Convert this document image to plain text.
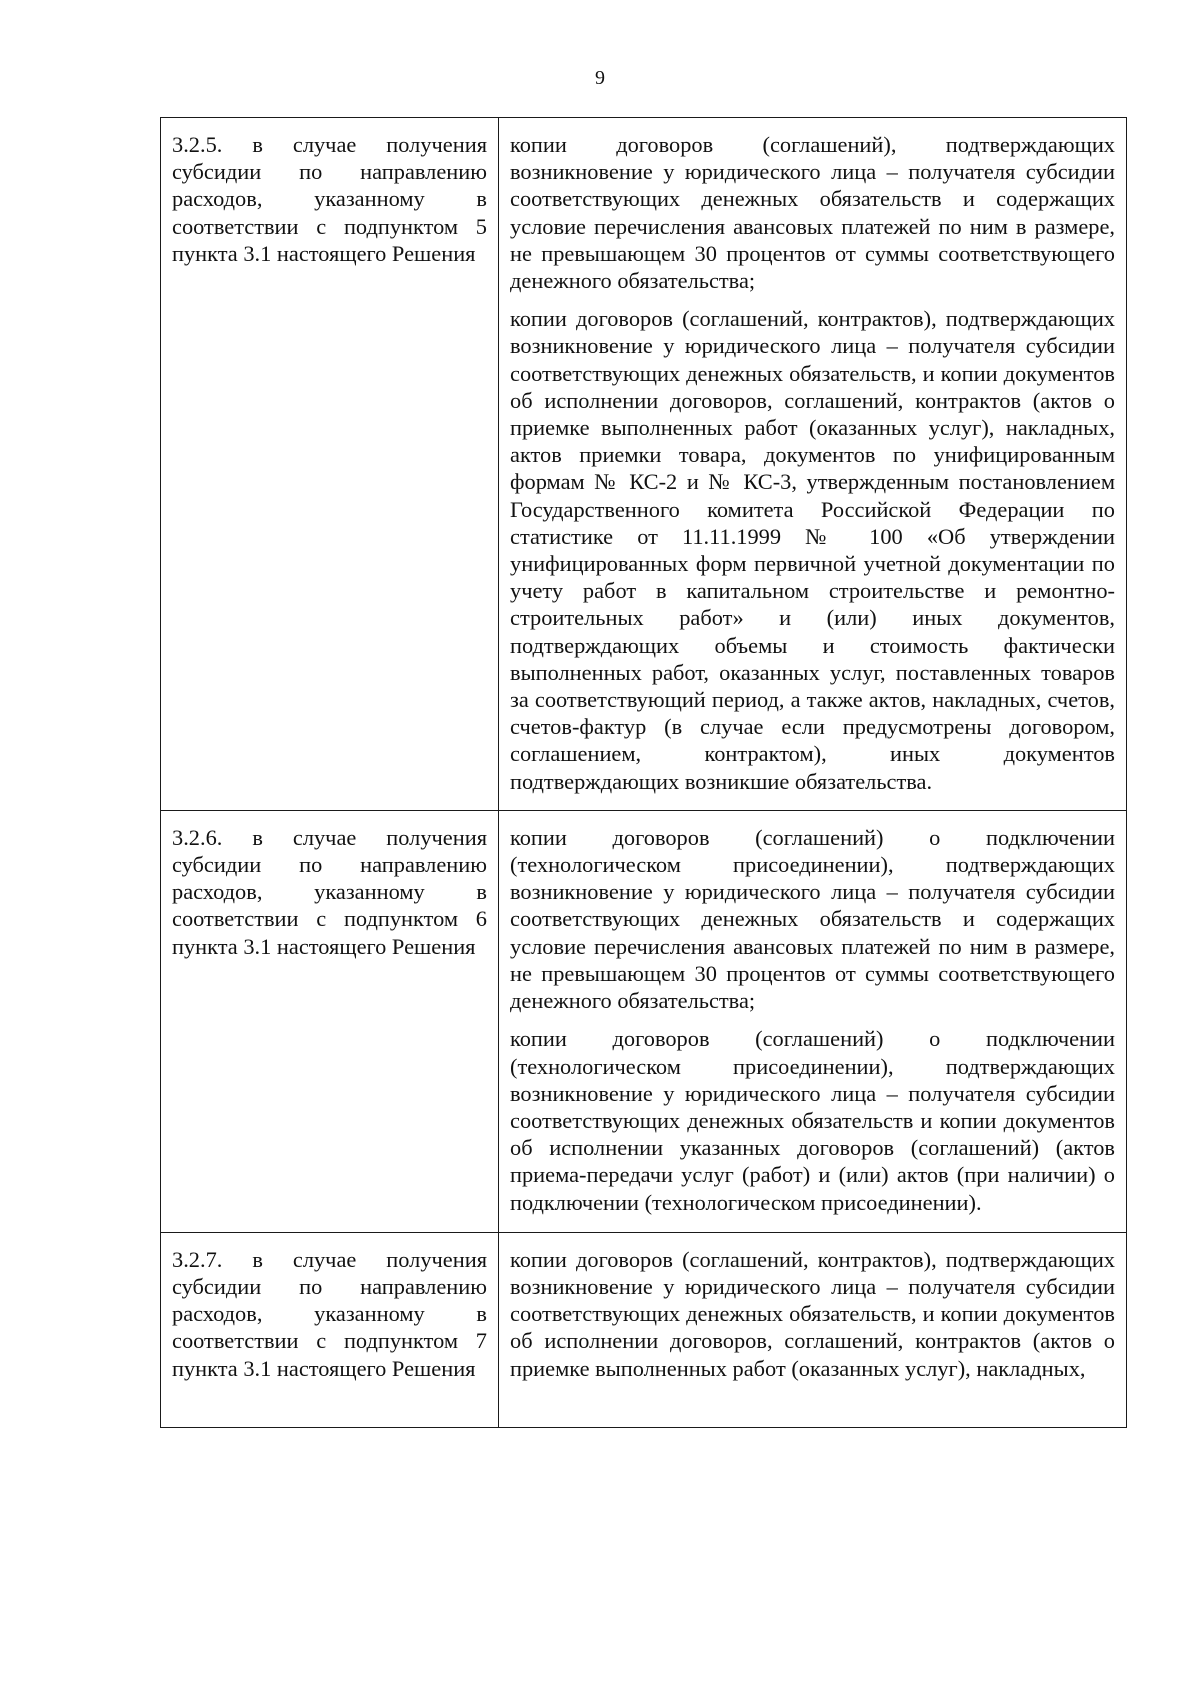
9

3.2.5. в случае получения субсидии по направлению расходов, указанному в соответствии с подпунктом 5 пункта 3.1 настоящего Решения	копии договоров (соглашений), подтверждающих возникновение у юридического лица – получателя субсидии соответствующих денежных обязательств и содержащих условие перечисления авансовых платежей по ним в размере, не превышающем 30 процентов от суммы соответствующего денежного обязательства;

копии договоров (соглашений, контрактов), подтверждающих возникновение у юридического лица – получателя субсидии соответствующих денежных обязательств, и копии документов об исполнении договоров, соглашений, контрактов (актов о приемке выполненных работ (оказанных услуг), накладных, актов приемки товара, документов по унифицированным формам № КС-2 и № КС-3, утвержденным постановлением Государственного комитета Российской Федерации по статистике от 11.11.1999 № 100 «Об утверждении унифицированных форм первичной учетной документации по учету работ в капитальном строительстве и ремонтно-строительных работ» и (или) иных документов, подтверждающих объемы и стоимость фактически выполненных работ, оказанных услуг, поставленных товаров за соответствующий период, а также актов, накладных, счетов, счетов-фактур (в случае если предусмотрены договором, соглашением, контрактом), иных документов подтверждающих возникшие обязательства.

3.2.6. в случае получения субсидии по направлению расходов, указанному в соответствии с подпунктом 6 пункта 3.1 настоящего Решения	копии договоров (соглашений) о подключении (технологическом присоединении), подтверждающих возникновение у юридического лица – получателя субсидии соответствующих денежных обязательств и содержащих условие перечисления авансовых платежей по ним в размере, не превышающем 30 процентов от суммы соответствующего денежного обязательства;

копии договоров (соглашений) о подключении (технологическом присоединении), подтверждающих возникновение у юридического лица – получателя субсидии соответствующих денежных обязательств и копии документов об исполнении указанных договоров (соглашений) (актов приема-передачи услуг (работ) и (или) актов (при наличии) о подключении (технологическом присоединении).

3.2.7. в случае получения субсидии по направлению расходов, указанному в соответствии с подпунктом 7 пункта 3.1 настоящего Решения	копии договоров (соглашений, контрактов), подтверждающих возникновение у юридического лица – получателя субсидии соответствующих денежных обязательств, и копии документов об исполнении договоров, соглашений, контрактов (актов о приемке выполненных работ (оказанных услуг), накладных,
